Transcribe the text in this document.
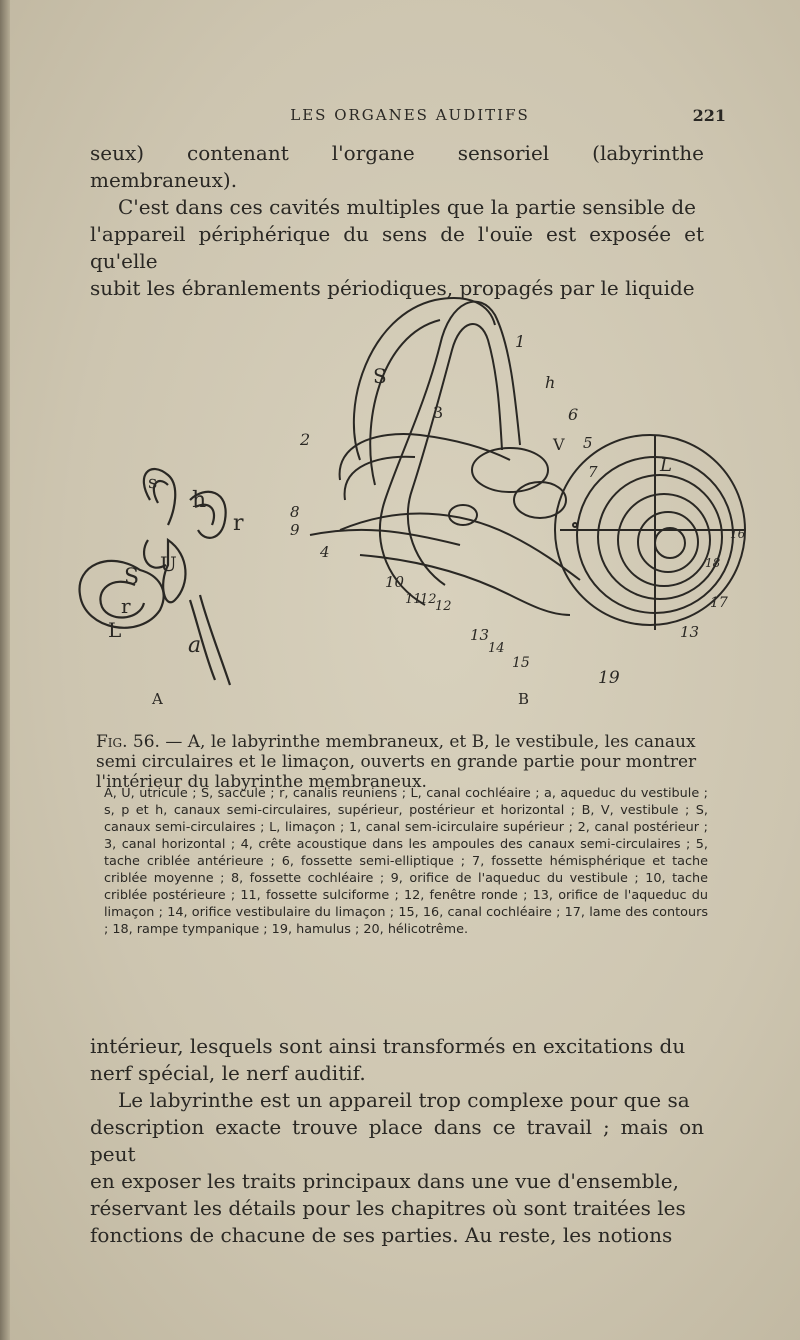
LES ORGANES AUDITIFS	221

seux) contenant l'organe sensoriel (labyrinthe membraneux).

C'est dans ces cavités multiples que la partie sensible de

l'appareil périphérique du sens de l'ouïe est exposée et qu'elle

subit les ébranlements périodiques, propagés par le liquide

s
h
S
U
r
r
L
a
S
1
h
3	6
2	V 5
7	L
8
9
4
10
11 12
13
14
15
19
13
16
17
18
12
A	B
Fig. 56. — A, le labyrinthe membraneux, et B, le vestibule, les canaux semi circulaires et le limaçon, ouverts en grande partie pour montrer l'intérieur du labyrinthe membraneux.
A, U, utricule ; S, saccule ; r, canalis reuniens ; L, canal cochléaire ; a, aqueduc du vestibule ; s, p et h, canaux semi-circulaires, supérieur, postérieur et horizontal ; B, V, vestibule ; S, canaux semi-circulaires ; L, limaçon ; 1, canal sem-icirculaire supérieur ; 2, canal postérieur ; 3, canal horizontal ; 4, crête acoustique dans les ampoules des canaux semi-circulaires ; 5, tache criblée antérieure ; 6, fossette semi-elliptique ; 7, fossette hémisphérique et tache criblée moyenne ; 8, fossette cochléaire ; 9, orifice de l'aqueduc du vestibule ; 10, tache criblée postérieure ; 11, fossette sulciforme ; 12, fenêtre ronde ; 13, orifice de l'aqueduc du limaçon ; 14, orifice vestibulaire du limaçon ; 15, 16, canal cochléaire ; 17, lame des contours ; 18, rampe tympanique ; 19, hamulus ; 20, hélicotrême.

intérieur, lesquels sont ainsi transformés en excitations du

nerf spécial, le nerf auditif.

Le labyrinthe est un appareil trop complexe pour que sa

description exacte trouve place dans ce travail ; mais on peut

en exposer les traits principaux dans une vue d'ensemble,

réservant les détails pour les chapitres où sont traitées les

fonctions de chacune de ses parties. Au reste, les notions
